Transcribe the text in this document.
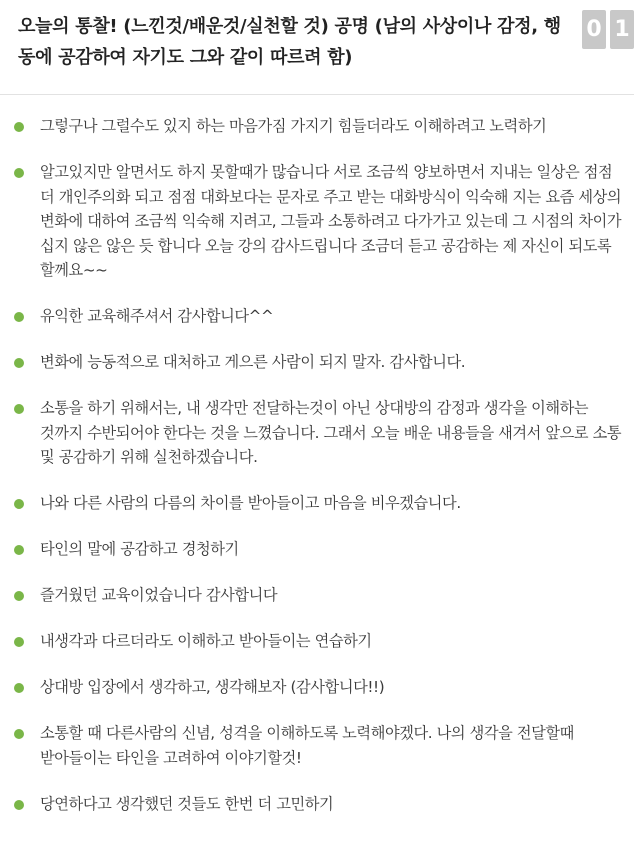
오늘의 통찰! (느낀것/배운것/실천할 것) 공명 (남의 사상이나 감정, 행동에 공감하여 자기도 그와 같이 따르려 함)
0 1
그렇구나 그럴수도 있지 하는 마음가짐 가지기 힘들더라도 이해하려고 노력하기
알고있지만 알면서도 하지 못할때가 많습니다 서로 조금씩 양보하면서 지내는 일상은 점점 더 개인주의화 되고 점점 대화보다는 문자로 주고 받는 대화방식이 익숙해 지는 요즘 세상의 변화에 대하여 조금씩 익숙해 지려고, 그들과 소통하려고 다가가고 있는데 그 시점의 차이가 십지 않은 않은 듯 합니다 오늘 강의 감사드립니다 조금더 듣고 공감하는 제 자신이 되도록 할께요~~
유익한 교육해주셔서 감사합니다^^
변화에 능동적으로 대처하고 게으른 사람이 되지 말자. 감사합니다.
소통을 하기 위해서는, 내 생각만 전달하는것이 아닌 상대방의 감정과 생각을 이해하는 것까지 수반되어야 한다는 것을 느꼈습니다. 그래서 오늘 배운 내용들을 새겨서 앞으로 소통 및 공감하기 위해 실천하겠습니다.
나와 다른 사람의 다름의 차이를 받아들이고 마음을 비우겠습니다.
타인의 말에 공감하고 경청하기
즐거웠던 교육이었습니다 감사합니다
내생각과 다르더라도 이해하고 받아들이는 연습하기
상대방 입장에서 생각하고, 생각해보자 (감사합니다!!)
소통할 때 다른사람의 신념, 성격을 이해하도록 노력해야겠다. 나의 생각을 전달할때 받아들이는 타인을 고려하여 이야기할것!
당연하다고 생각했던 것들도 한번 더 고민하기
